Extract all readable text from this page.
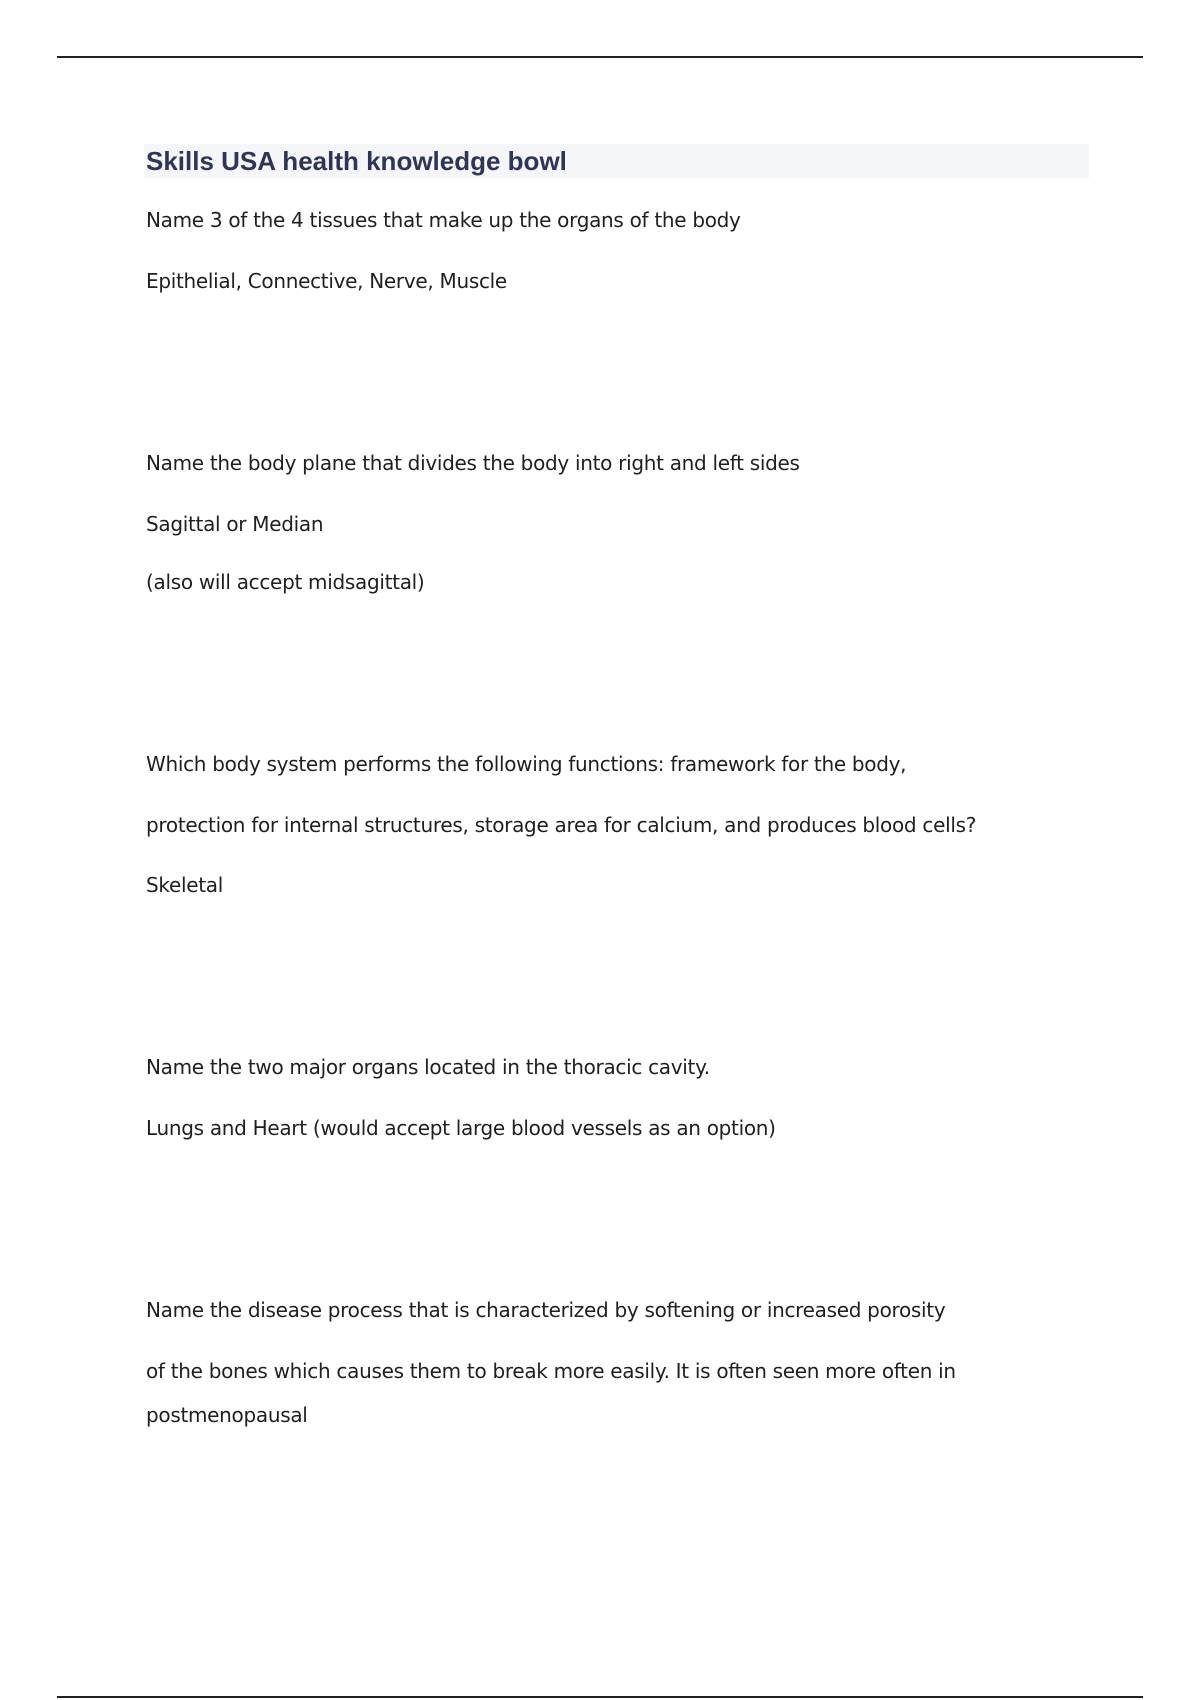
Skills USA health knowledge bowl

Name 3 of the 4 tissues that make up the organs of the body

Epithelial, Connective, Nerve, Muscle

Name the body plane that divides the body into right and left sides

Sagittal or Median

(also will accept midsagittal)

Which body system performs the following functions: framework for the body,

protection for internal structures, storage area for calcium, and produces blood cells?

Skeletal

Name the two major organs located in the thoracic cavity.

Lungs and Heart (would accept large blood vessels as an option)

Name the disease process that is characterized by softening or increased porosity

of the bones which causes them to break more easily. It is often seen more often in

postmenopausal
